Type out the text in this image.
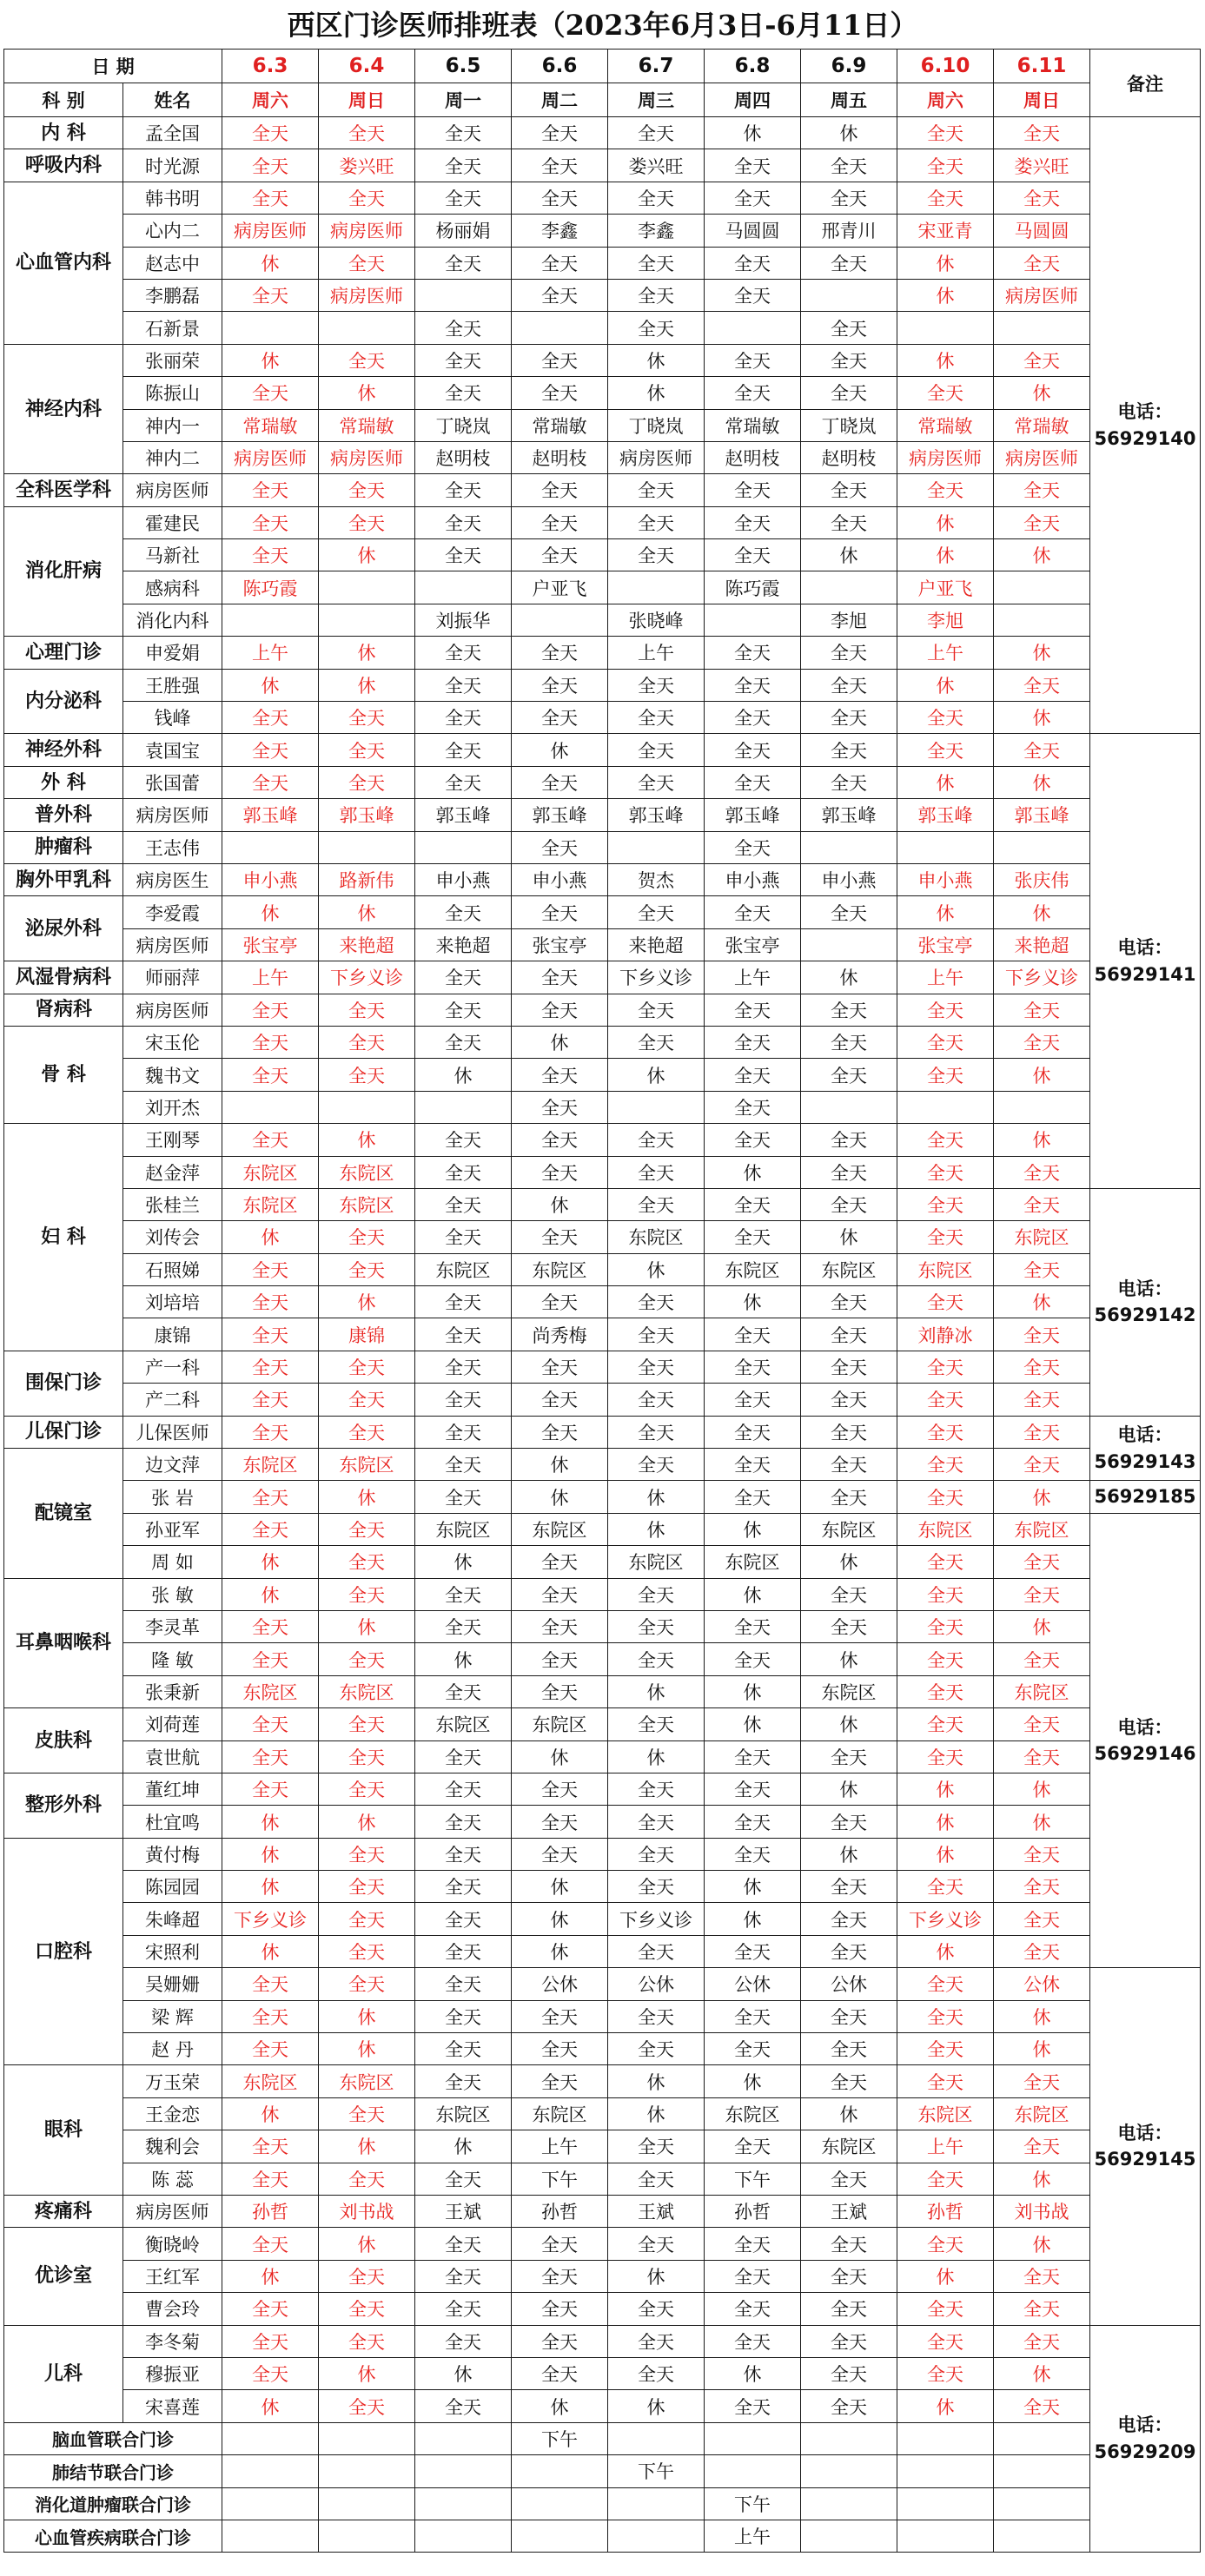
西区门诊医师排班表（2023年6月3日-6月11日）
日 期		6.3	6.4	6.5	6.6	6.7	6.8	6.9	6.10	6.11	备注
科 别	姓名	周六	周日	周一	周二	周三	周四	周五	周六	周日	
内 科	孟全国	全天	全天	全天	全天	全天	休	休	全天	全天	电话：56929140
呼吸内科	时光源	全天	娄兴旺	全天	全天	娄兴旺	全天	全天	全天	娄兴旺	
心血管内科	韩书明	全天	全天	全天	全天	全天	全天	全天	全天	全天	
	心内二	病房医师	病房医师	杨丽娟	李鑫	李鑫	马圆圆	邢青川	宋亚青	马圆圆	
	赵志中	休	全天	全天	全天	全天	全天	全天	休	全天	
	李鹏磊	全天	病房医师		全天	全天	全天		休	病房医师	
	石新景			全天		全天		全天			
神经内科	张丽荣	休	全天	全天	全天	休	全天	全天	休	全天	
	陈振山	全天	休	全天	全天	休	全天	全天	全天	休	
	神内一	常瑞敏	常瑞敏	丁晓岚	常瑞敏	丁晓岚	常瑞敏	丁晓岚	常瑞敏	常瑞敏	
	神内二	病房医师	病房医师	赵明枝	赵明枝	病房医师	赵明枝	赵明枝	病房医师	病房医师	
全科医学科	病房医师	全天	全天	全天	全天	全天	全天	全天	全天	全天	
消化肝病	霍建民	全天	全天	全天	全天	全天	全天	全天	休	全天	
	马新社	全天	休	全天	全天	全天	全天	休	休	休	
	感病科	陈巧霞			户亚飞		陈巧霞		户亚飞		
	消化内科			刘振华		张晓峰		李旭	李旭		
心理门诊	申爱娟	上午	休	全天	全天	上午	全天	全天	上午	休	
内分泌科	王胜强	休	休	全天	全天	全天	全天	全天	休	全天	
	钱峰	全天	全天	全天	全天	全天	全天	全天	全天	休	
神经外科	袁国宝	全天	全天	全天	休	全天	全天	全天	全天	全天	电话：56929141
外 科	张国蕾	全天	全天	全天	全天	全天	全天	全天	休	休	
普外科	病房医师	郭玉峰	郭玉峰	郭玉峰	郭玉峰	郭玉峰	郭玉峰	郭玉峰	郭玉峰	郭玉峰	
肿瘤科	王志伟				全天		全天				
胸外甲乳科	病房医生	申小燕	路新伟	申小燕	申小燕	贺杰	申小燕	申小燕	申小燕	张庆伟	
泌尿外科	李爱霞	休	休	全天	全天	全天	全天	全天	休	休	
	病房医师	张宝亭	来艳超	来艳超	张宝亭	来艳超	张宝亭		张宝亭	来艳超	
风湿骨病科	师丽萍	上午	下乡义诊	全天	全天	下乡义诊	上午	休	上午	下乡义诊	
肾病科	病房医师	全天	全天	全天	全天	全天	全天	全天	全天	全天	
骨 科	宋玉伦	全天	全天	全天	休	全天	全天	全天	全天	全天	
	魏书文	全天	全天	休	全天	休	全天	全天	全天	休	
	刘开杰				全天		全天				
妇 科	王刚琴	全天	休	全天	全天	全天	全天	全天	全天	休	
	赵金萍	东院区	东院区	全天	全天	全天	休	全天	全天	全天	
	张桂兰	东院区	东院区	全天	休	全天	全天	全天	全天	全天	电话：56929142
	刘传会	休	全天	全天	全天	东院区	全天	休	全天	东院区	
	石照娣	全天	全天	东院区	东院区	休	东院区	东院区	东院区	全天	
	刘培培	全天	休	全天	全天	全天	休	全天	全天	休	
	康锦	全天	康锦	全天	尚秀梅	全天	全天	全天	刘静冰	全天	
围保门诊	产一科	全天	全天	全天	全天	全天	全天	全天	全天	全天	
	产二科	全天	全天	全天	全天	全天	全天	全天	全天	全天	
儿保门诊	儿保医师	全天	全天	全天	全天	全天	全天	全天	全天	全天	电话：56929143
配镜室	边文萍	东院区	东院区	全天	休	全天	全天	全天	全天	全天	
	张 岩	全天	休	全天	休	休	全天	全天	全天	休	56929185
	孙亚军	全天	全天	东院区	东院区	休	休	东院区	东院区	东院区	电话：56929146
	周 如	休	全天	休	全天	东院区	东院区	休	全天	全天	
耳鼻咽喉科	张 敏	休	全天	全天	全天	全天	休	全天	全天	全天	
	李灵革	全天	休	全天	全天	全天	全天	全天	全天	休	
	隆 敏	全天	全天	休	全天	全天	全天	休	全天	全天	
	张秉新	东院区	东院区	全天	全天	休	休	东院区	全天	东院区	
皮肤科	刘荷莲	全天	全天	东院区	东院区	全天	休	休	全天	全天	
	袁世航	全天	全天	全天	休	休	全天	全天	全天	全天	
整形外科	董红坤	全天	全天	全天	全天	全天	全天	休	休	休	
	杜宜鸣	休	休	全天	全天	全天	全天	全天	休	休	
口腔科	黄付梅	休	全天	全天	全天	全天	全天	休	休	全天	
	陈园园	休	全天	全天	休	全天	休	全天	全天	全天	
	朱峰超	下乡义诊	全天	全天	休	下乡义诊	休	全天	下乡义诊	全天	
	宋照利	休	全天	全天	休	全天	全天	全天	休	全天	
	吴姗姗	全天	全天	全天	公休	公休	公休	公休	全天	公休	电话：56929145
	梁 辉	全天	休	全天	全天	全天	全天	全天	全天	休	
	赵 丹	全天	休	全天	全天	全天	全天	全天	全天	休	
眼科	万玉荣	东院区	东院区	全天	全天	休	休	全天	全天	全天	
	王金恋	休	全天	东院区	东院区	休	东院区	休	东院区	东院区	
	魏利会	全天	休	休	上午	全天	全天	东院区	上午	全天	
	陈 蕊	全天	全天	全天	下午	全天	下午	全天	全天	休	
疼痛科	病房医师	孙哲	刘书战	王斌	孙哲	王斌	孙哲	王斌	孙哲	刘书战	
优诊室	衡晓岭	全天	休	全天	全天	全天	全天	全天	全天	休	
	王红军	休	全天	全天	全天	休	全天	全天	休	全天	
	曹会玲	全天	全天	全天	全天	全天	全天	全天	全天	全天	
儿科	李冬菊	全天	全天	全天	全天	全天	全天	全天	全天	全天	电话：56929209
	穆振亚	全天	休	休	全天	全天	休	全天	全天	休	
	宋喜莲	休	全天	全天	休	休	全天	全天	休	全天	
脑血管联合门诊					下午						
肺结节联合门诊						下午					
消化道肿瘤联合门诊							下午				
心血管疾病联合门诊							上午				
